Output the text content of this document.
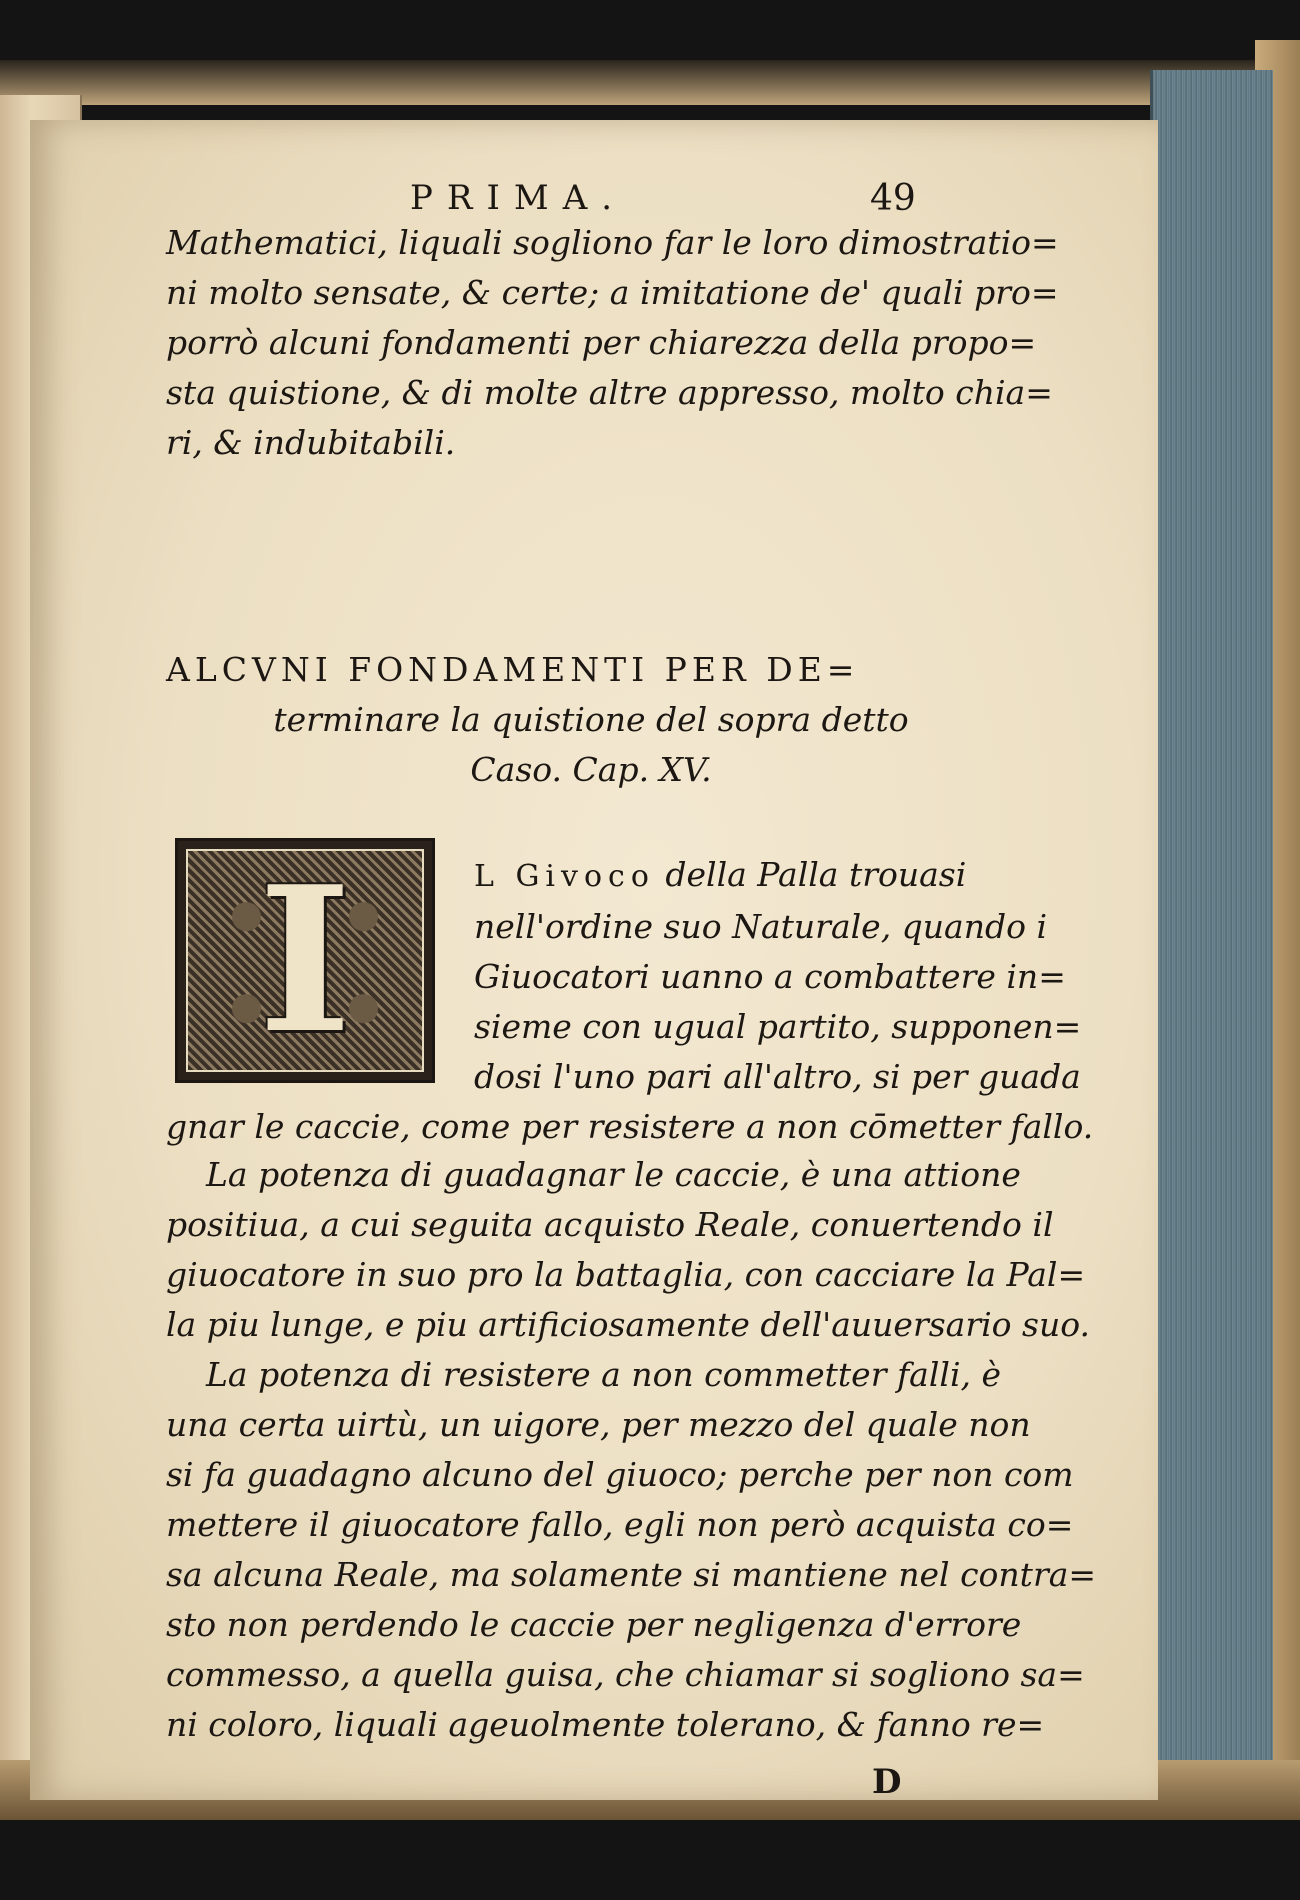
PRIMA.	49
Mathematici, liquali sogliono far le loro dimostratio=
ni molto sensate, & certe; a imitatione de' quali pro=
porrò alcuni fondamenti per chiarezza della propo=
sta quistione, & di molte altre appresso, molto chia=
ri, & indubitabili.
ALCVNI FONDAMENTI PER DE=
terminare la quistione del sopra detto
Caso. Cap. XV.
I	L Givoco della Palla trouasi
nell'ordine suo Naturale, quando i
Giuocatori uanno a combattere in=
sieme con ugual partito, supponen=
dosi l'uno pari all'altro, si per guada
gnar le caccie, come per resistere a non cōmetter fallo.
La potenza di guadagnar le caccie, è una attione
positiua, a cui seguita acquisto Reale, conuertendo il
giuocatore in suo pro la battaglia, con cacciare la Pal=
la piu lunge, e piu artificiosamente dell'auuersario suo.
La potenza di resistere a non commetter falli, è
una certa uirtù, un uigore, per mezzo del quale non
si fa guadagno alcuno del giuoco; perche per non com
mettere il giuocatore fallo, egli non però acquista co=
sa alcuna Reale, ma solamente si mantiene nel contra=
sto non perdendo le caccie per negligenza d'errore
commesso, a quella guisa, che chiamar si sogliono sa=
ni coloro, liquali ageuolmente tolerano, & fanno re=
D
